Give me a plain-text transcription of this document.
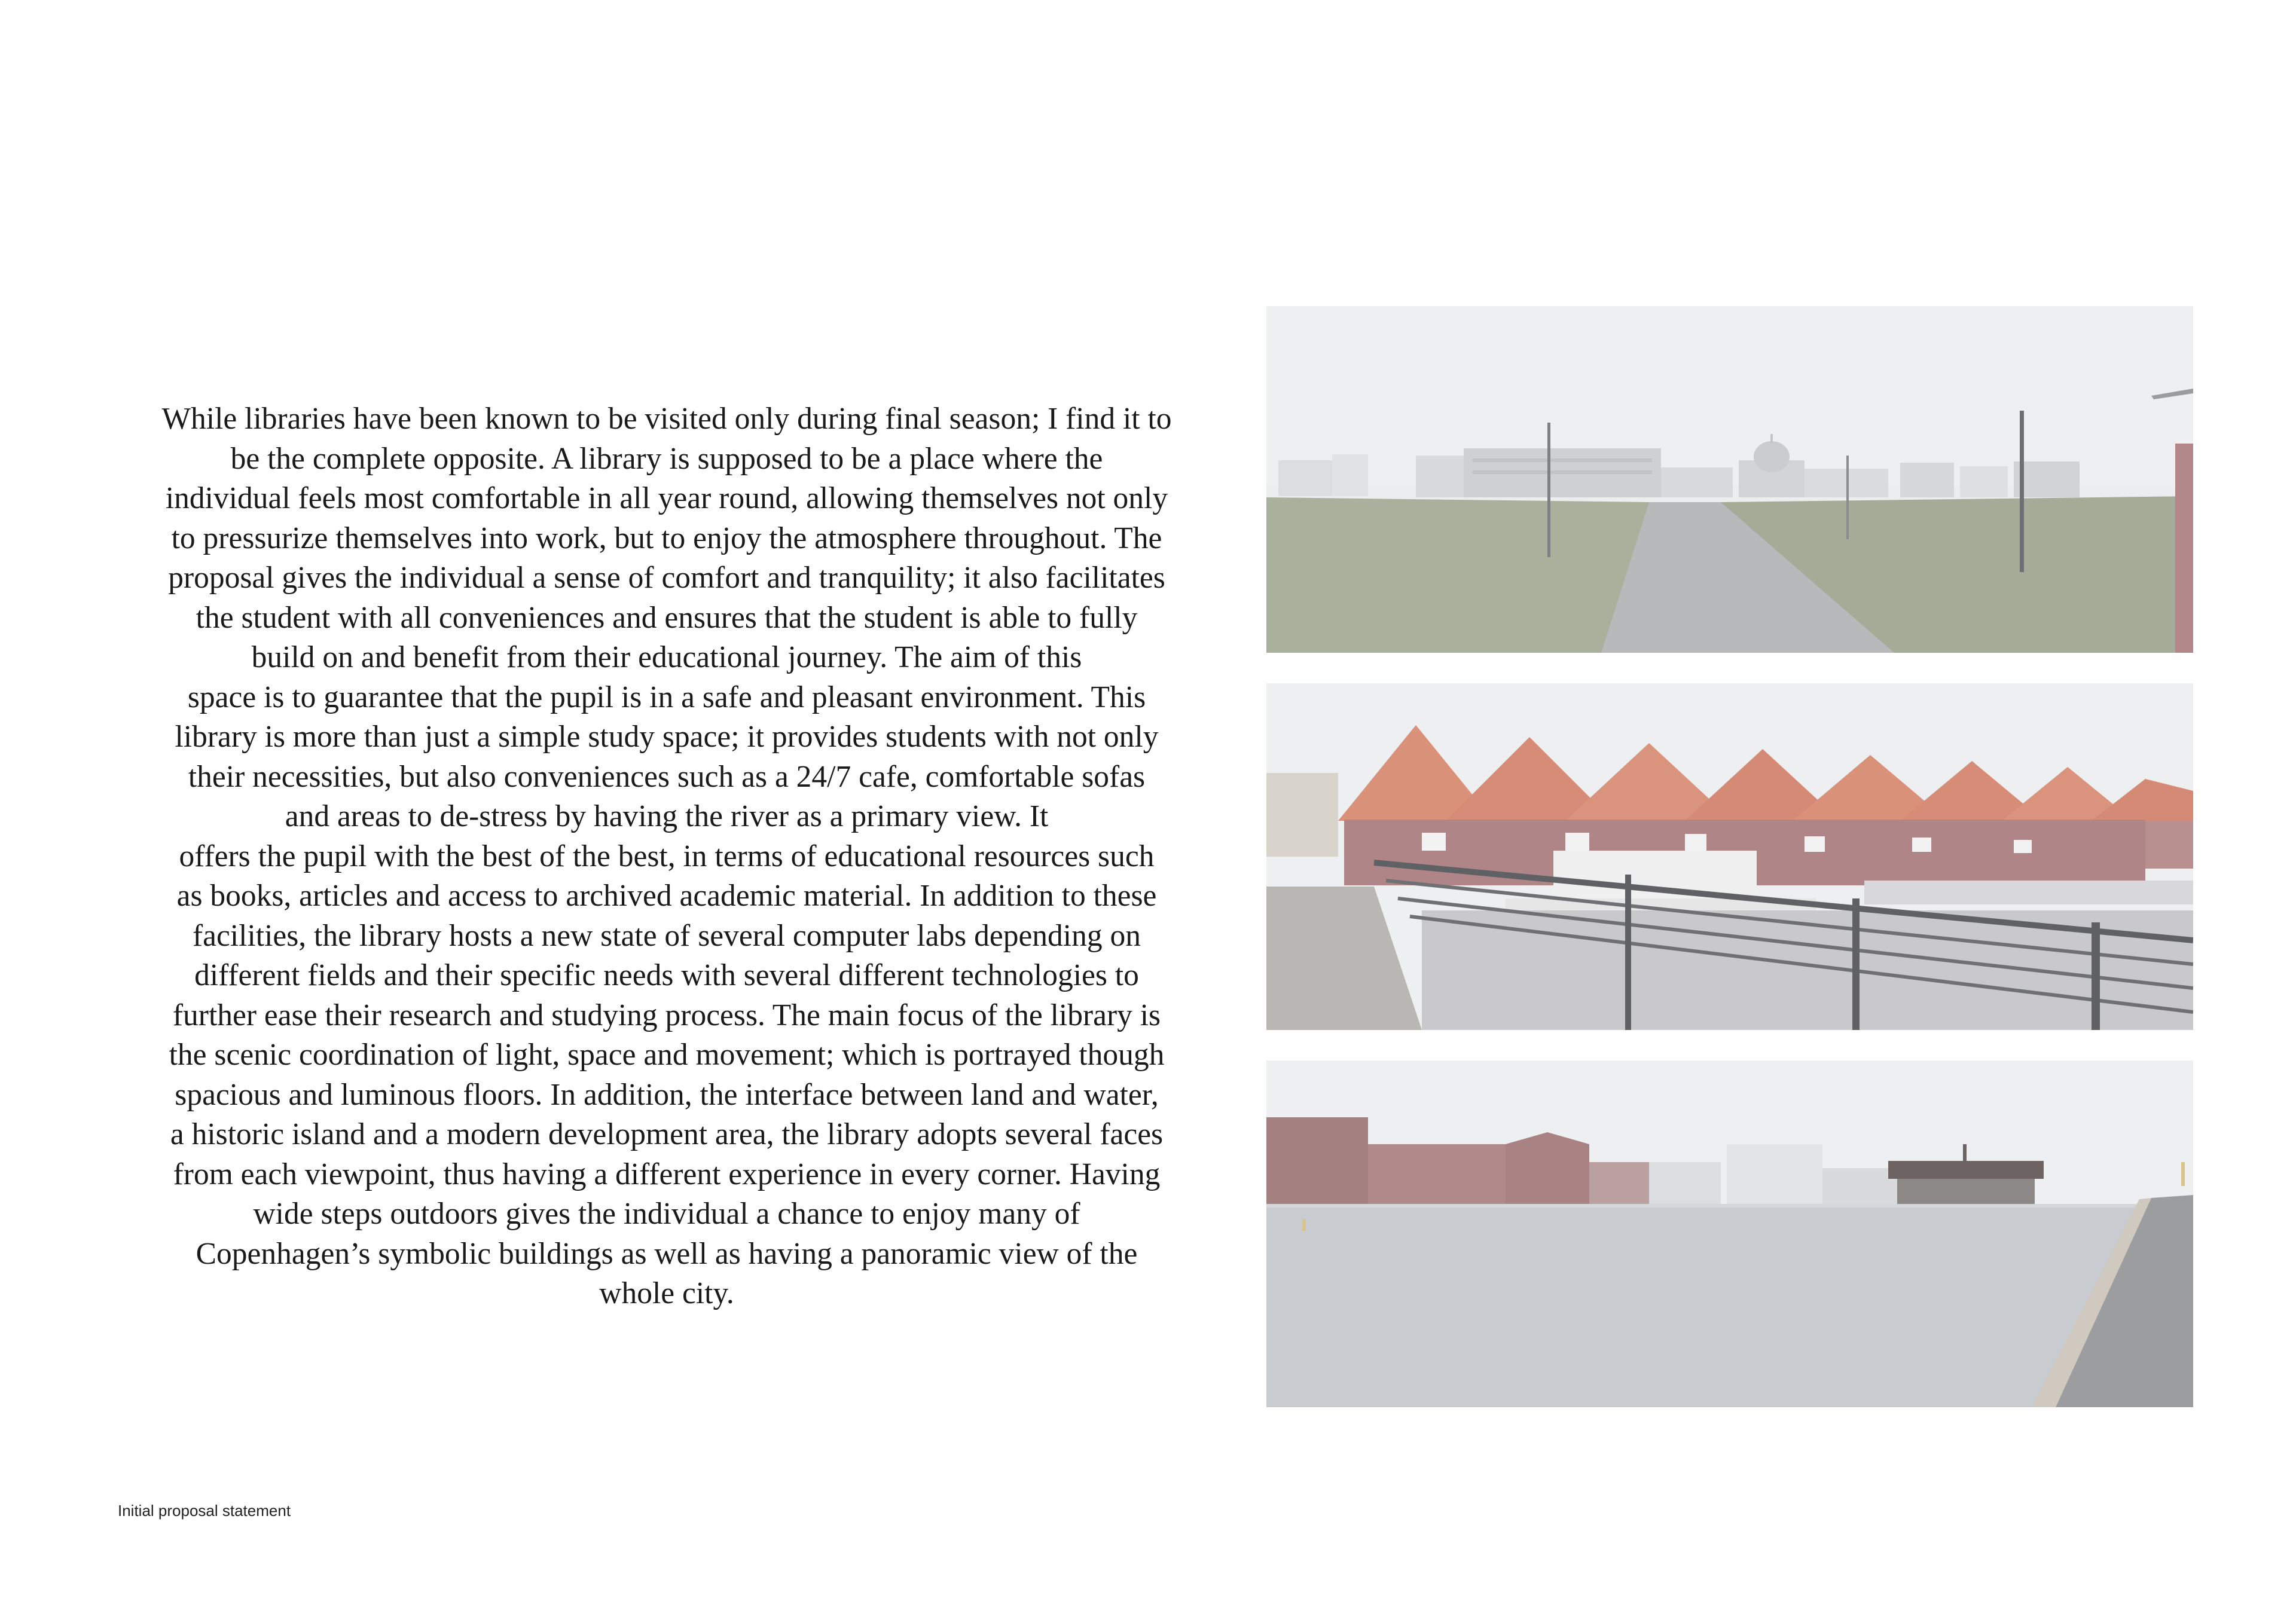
While libraries have been known to be visited only during final season; I find it to
be the complete opposite. A library is supposed to be a place where the
individual feels most comfortable in all year round, allowing themselves not only
to pressurize themselves into work, but to enjoy the atmosphere throughout. The
proposal gives the individual a sense of comfort and tranquility; it also facilitates
the student with all conveniences and ensures that the student is able to fully
build on and benefit from their educational journey. The aim of this
space is to guarantee that the pupil is in a safe and pleasant environment. This
library is more than just a simple study space; it provides students with not only
their necessities, but also conveniences such as a 24/7 cafe, comfortable sofas
and areas to de-stress by having the river as a primary view. It
offers the pupil with the best of the best, in terms of educational resources such
as books, articles and access to archived academic material. In addition to these
facilities, the library hosts a new state of several computer labs depending on
different fields and their specific needs with several different technologies to
further ease their research and studying process. The main focus of the library is
the scenic coordination of light, space and movement; which is portrayed though
spacious and luminous floors. In addition, the interface between land and water,
a historic island and a modern development area, the library adopts several faces
from each viewpoint, thus having a different experience in every corner. Having
wide steps outdoors gives the individual a chance to enjoy many of
Copenhagen’s symbolic buildings as well as having a panoramic view of the
whole city.
Initial proposal statement
